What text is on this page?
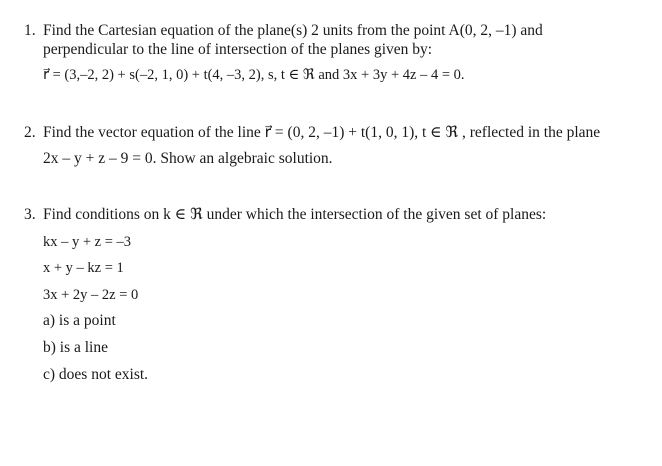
1. Find the Cartesian equation of the plane(s) 2 units from the point A(0, 2, –1) and
perpendicular to the line of intersection of the planes given by:
r⃗ = (3,–2, 2) + s(–2, 1, 0) + t(4, –3, 2), s, t ∈ ℜ and 3x + 3y + 4z – 4 = 0.
2. Find the vector equation of the line r⃗ = (0, 2, –1) + t(1, 0, 1), t ∈ ℜ , reflected in the plane
2x – y + z – 9 = 0. Show an algebraic solution.
3. Find conditions on k ∈ ℜ under which the intersection of the given set of planes:
kx – y + z = –3
x + y – kz = 1
3x + 2y – 2z = 0
a) is a point
b) is a line
c) does not exist.
